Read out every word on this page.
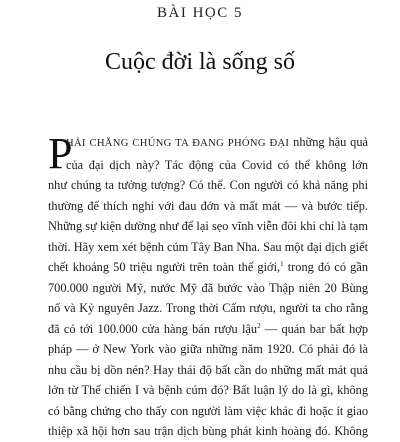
BÀI HỌC 5
Cuộc đời là sống số
P
HẢI CHĂNG CHÚNG TA ĐANG PHÓNG ĐẠI những hậu quả
của đại dịch này? Tác động của Covid có thể không lớn
như chúng ta tưởng tượng? Có thể. Con người có khả năng phi
thường để thích nghi với đau đớn và mất mát — và bước tiếp.
Những sự kiện dường như để lại sẹo vĩnh viễn đôi khi chỉ là tạm
thời. Hãy xem xét bệnh cúm Tây Ban Nha. Sau một đại dịch giết
chết khoảng 50 triệu người trên toàn thế giới,$^1$ trong đó có gần
700.000 người Mỹ, nước Mỹ đã bước vào Thập niên 20 Bùng
nổ và Kỷ nguyên Jazz. Trong thời Cấm rượu, người ta cho rằng
đã có tới 100.000 cửa hàng bán rượu lậu$^2$ — quán bar bất hợp
pháp — ở New York vào giữa những năm 1920. Có phải đó là
nhu cầu bị dồn nén? Hay thái độ bất cần do những mất mát quá
lớn từ Thế chiến I và bệnh cúm đó? Bất luận lý do là gì, không
có bằng chứng cho thấy con người làm việc khác đi hoặc ít giao
thiệp xã hội hơn sau trận dịch bùng phát kinh hoàng đó. Không
